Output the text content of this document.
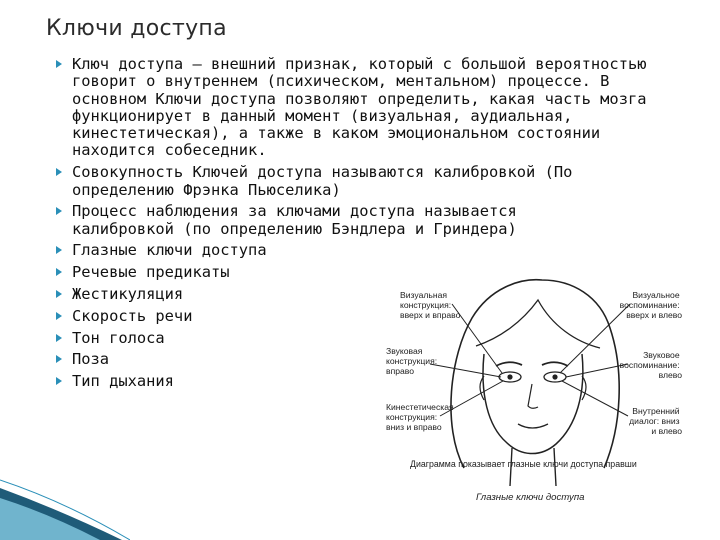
Ключи доступа
Ключ доступа — внешний признак, который с большой вероятностью говорит о внутреннем (психическом, ментальном) процессе. В основном Ключи доступа позволяют определить, какая часть мозга функционирует в данный момент (визуальная, аудиальная, кинестетическая), а также в каком эмоциональном состоянии находится собеседник.
Совокупность Ключей доступа называются калибровкой (По определению Фрэнка Пьюселика)
Процесс наблюдения за ключами доступа называется калибровкой (по определению Бэндлера и Гриндера)
Глазные ключи доступа
Речевые предикаты
Жестикуляция
Скорость речи
Тон голоса
Поза
Тип дыхания
Визуальная конструкция: вверх и вправо
Визуальное воспоминание: вверх и влево
Звуковая конструкция: вправо
Звуковое воспоминание: влево
Кинестетическая конструкция: вниз и вправо
Внутренний диалог: вниз и влево
Диаграмма показывает глазные ключи доступа правши
Глазные ключи доступа
